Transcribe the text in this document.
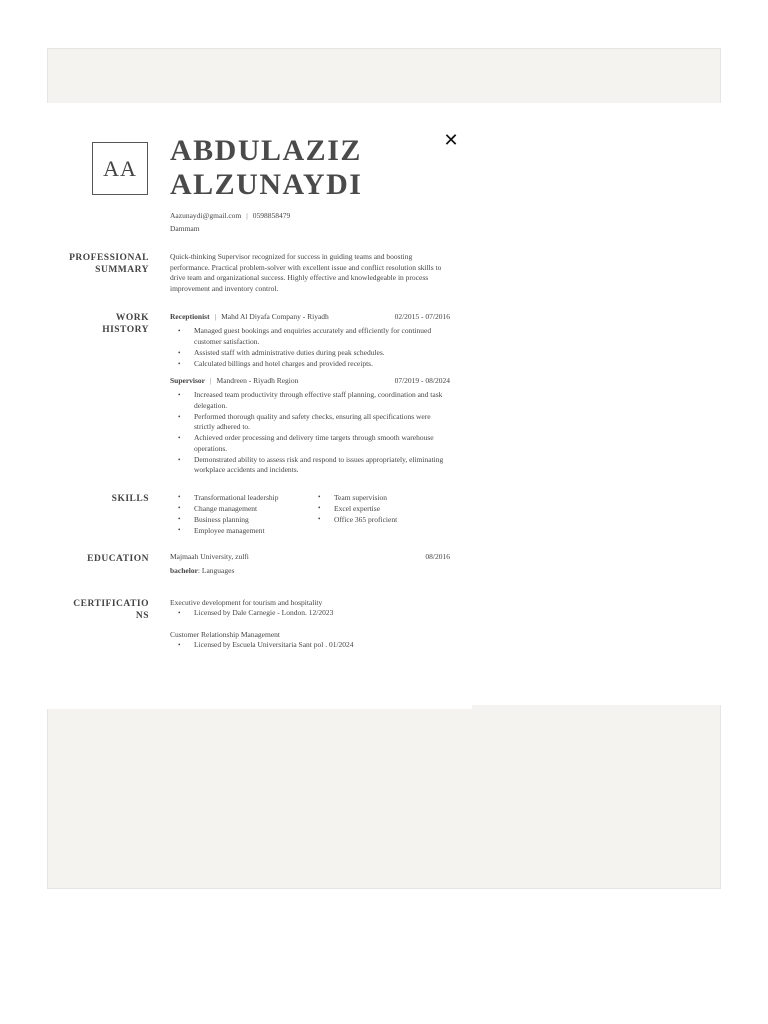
✕
AA
ABDULAZIZ
ALZUNAYDI
Aazunaydi@gmail.com | 0598858479
Dammam
PROFESSIONAL
SUMMARY
Quick-thinking Supervisor recognized for success in guiding teams and boosting performance. Practical problem-solver with excellent issue and conflict resolution skills to drive team and organizational success. Highly effective and knowledgeable in process improvement and inventory control.
WORK
HISTORY
Receptionist | Mahd Al Diyafa Company - Riyadh	02/2015 - 07/2016
• Managed guest bookings and enquiries accurately and efficiently for continued customer satisfaction.
• Assisted staff with administrative duties during peak schedules.
• Calculated billings and hotel charges and provided receipts.
Supervisor | Mandreen - Riyadh Region	07/2019 - 08/2024
• Increased team productivity through effective staff planning, coordination and task delegation.
• Performed thorough quality and safety checks, ensuring all specifications were strictly adhered to.
• Achieved order processing and delivery time targets through smooth warehouse operations.
• Demonstrated ability to assess risk and respond to issues appropriately, eliminating workplace accidents and incidents.
SKILLS
•	Transformational leadership
• Change management
• Business planning
• Employee management
• Team supervision
• Excel expertise
• Office 365 proficient
EDUCATION	Majmaah University, zulfi	08/2016
bachelor: Languages
CERTIFICATIO
NS
Executive development for tourism and hospitality
• Licensed by Dale Carnegie - London. 12/2023
Customer Relationship Management
• Licensed by Escuela Universitaria Sant pol . 01/2024
